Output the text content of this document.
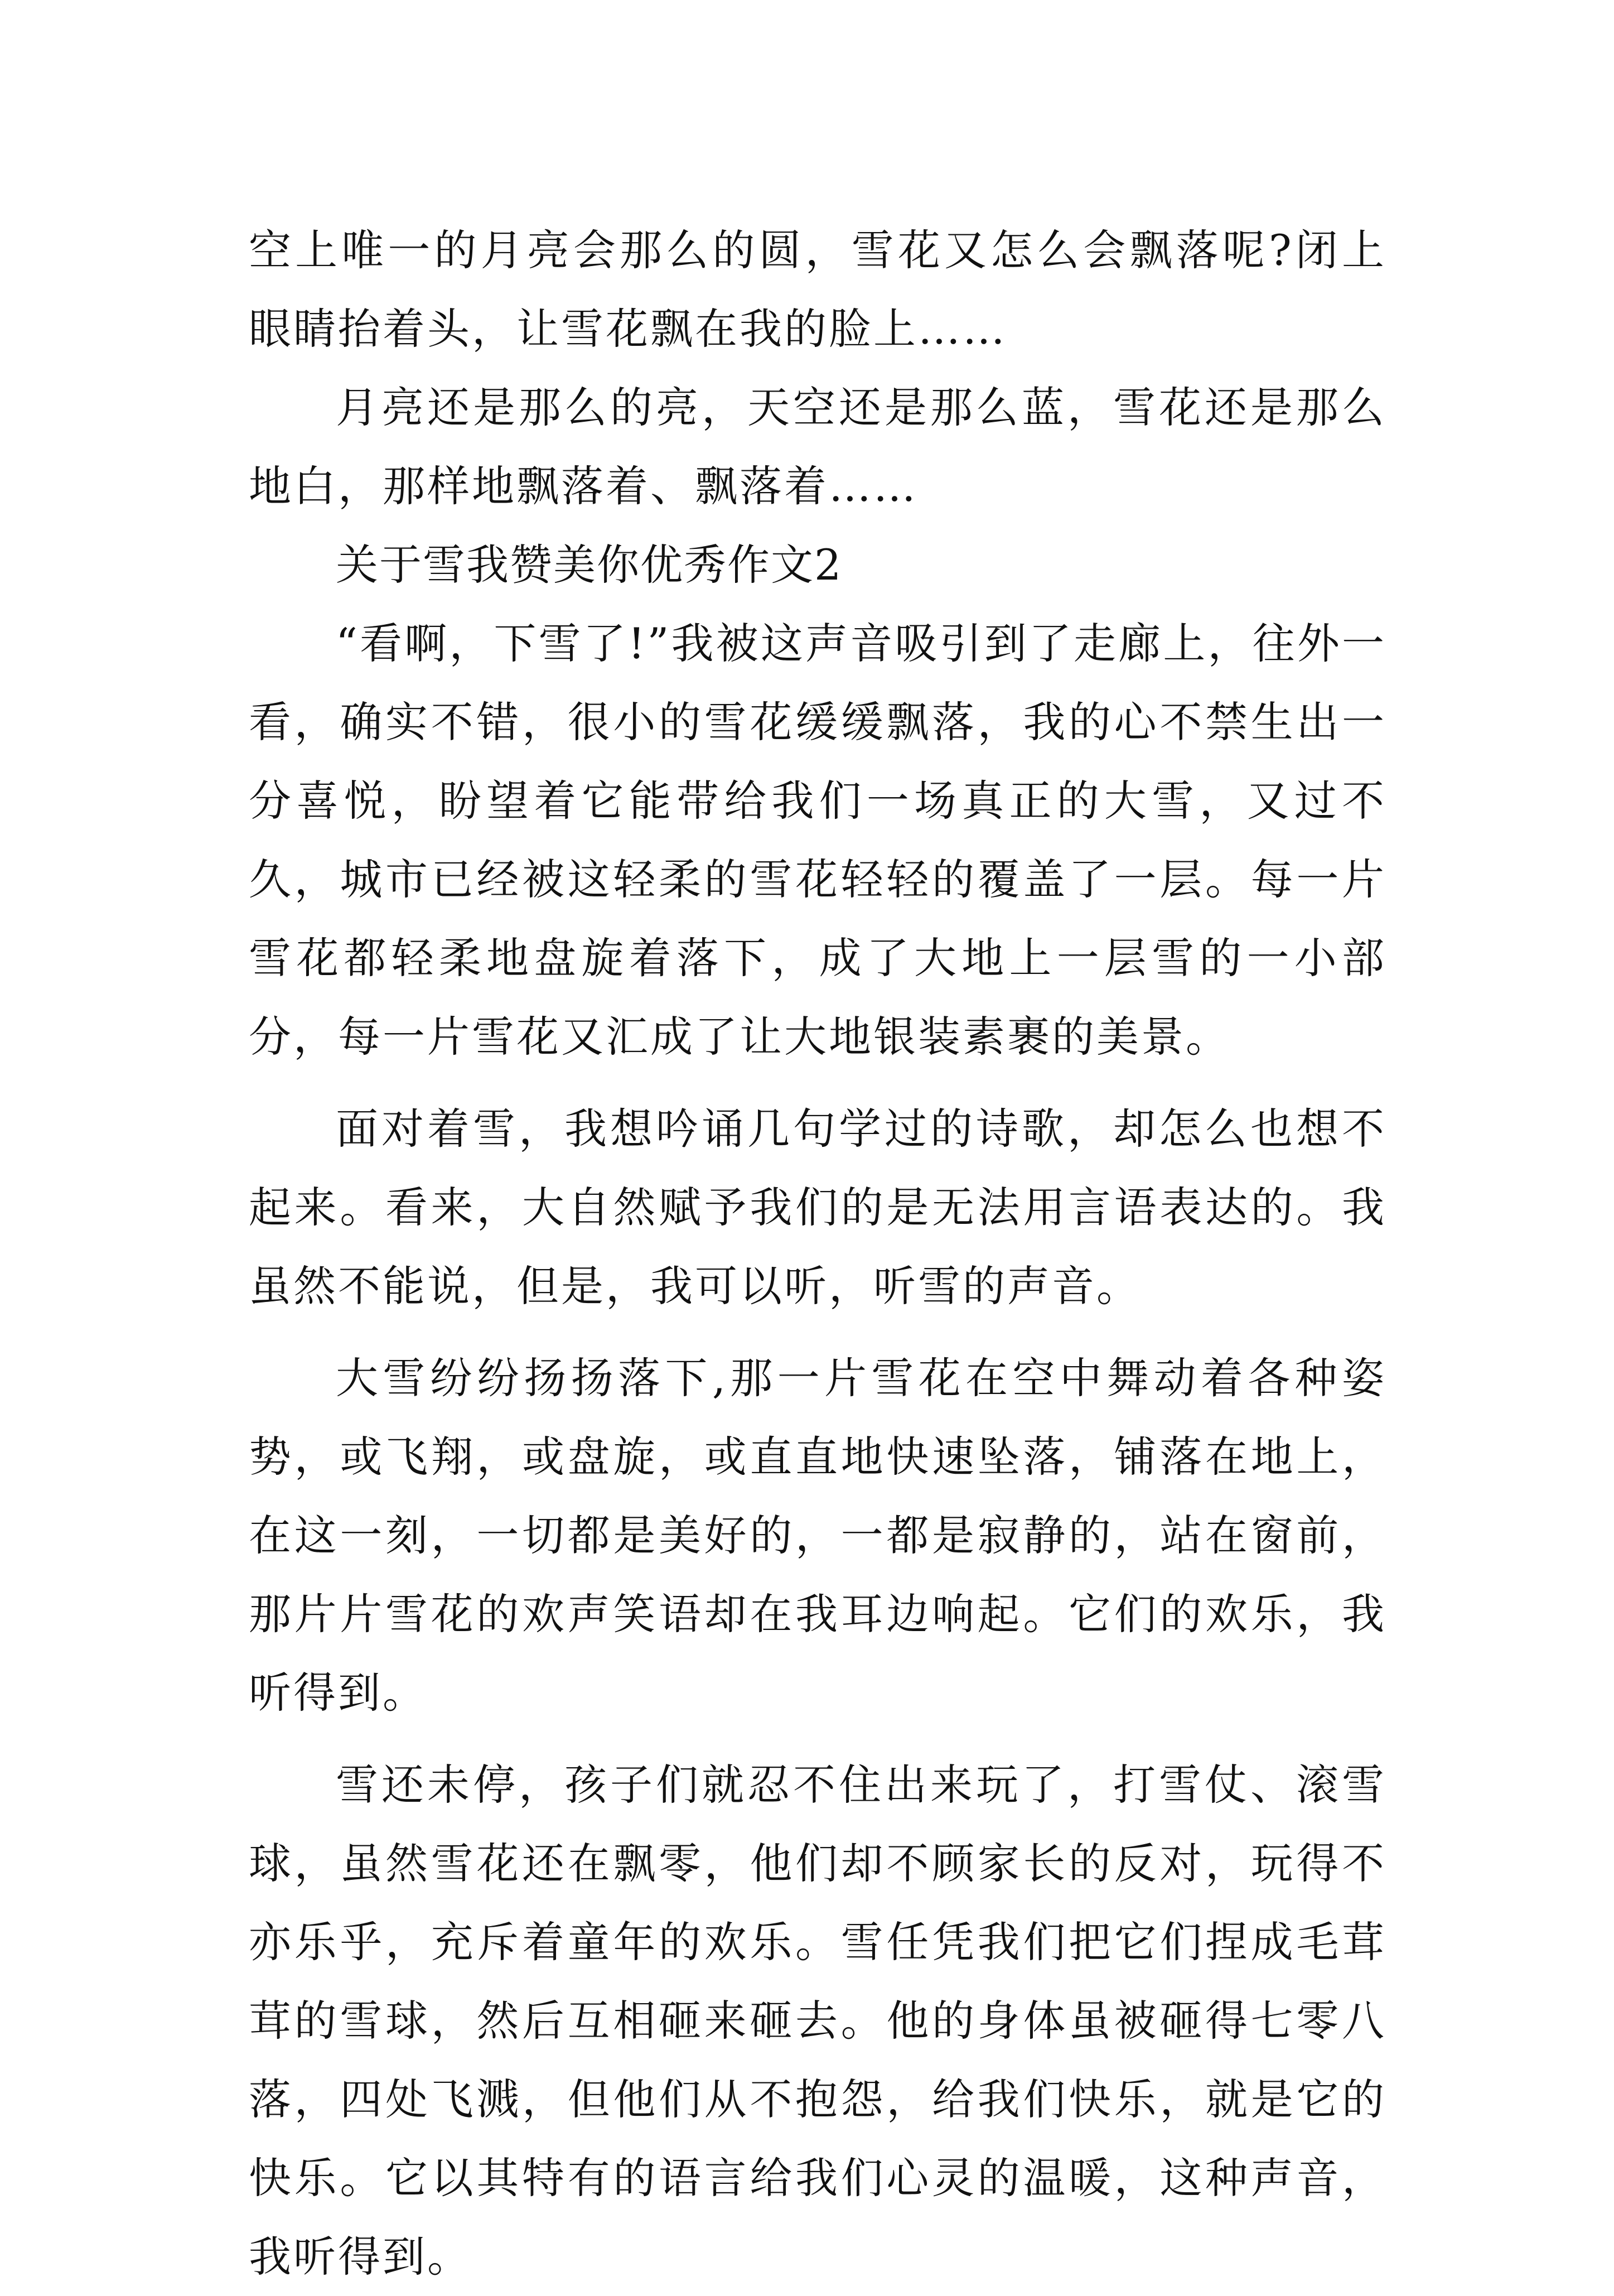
空上唯一的月亮会那么的圆，雪花又怎么会飘落呢?闭上眼睛抬着头，让雪花飘在我的脸上……

月亮还是那么的亮，天空还是那么蓝，雪花还是那么地白，那样地飘落着、飘落着……

关于雪我赞美你优秀作文2

“看啊，下雪了!”我被这声音吸引到了走廊上，往外一看，确实不错，很小的雪花缓缓飘落，我的心不禁生出一分喜悦，盼望着它能带给我们一场真正的大雪，又过不久，城市已经被这轻柔的雪花轻轻的覆盖了一层。每一片雪花都轻柔地盘旋着落下，成了大地上一层雪的一小部分，每一片雪花又汇成了让大地银装素裹的美景。

面对着雪，我想吟诵几句学过的诗歌，却怎么也想不起来。看来，大自然赋予我们的是无法用言语表达的。我虽然不能说，但是，我可以听，听雪的声音。

大雪纷纷扬扬落下,那一片雪花在空中舞动着各种姿势，或飞翔，或盘旋，或直直地快速坠落，铺落在地上，在这一刻，一切都是美好的，一都是寂静的，站在窗前，那片片雪花的欢声笑语却在我耳边响起。它们的欢乐，我听得到。

雪还未停，孩子们就忍不住出来玩了，打雪仗、滚雪球，虽然雪花还在飘零，他们却不顾家长的反对，玩得不亦乐乎，充斥着童年的欢乐。雪任凭我们把它们捏成毛茸茸的雪球，然后互相砸来砸去。他的身体虽被砸得七零八落，四处飞溅，但他们从不抱怨，给我们快乐，就是它的快乐。它以其特有的语言给我们心灵的温暖，这种声音，我听得到。
